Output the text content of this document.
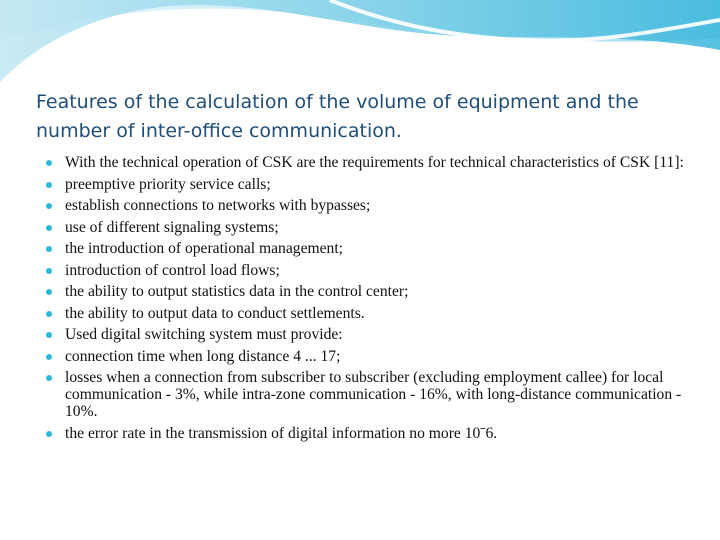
Features of the calculation of the volume of equipment and the number of inter-office communication.
With the technical operation of CSK are the requirements for technical characteristics of CSK [11]:
preemptive priority service calls;
establish connections to networks with bypasses;
use of different signaling systems;
the introduction of operational management;
introduction of control load flows;
the ability to output statistics data in the control center;
the ability to output data to conduct settlements.
Used digital switching system must provide:
connection time when long distance 4 ... 17;
losses when a connection from subscriber to subscriber (excluding employment callee) for local communication - 3%, while intra-zone communication - 16%, with long-distance communication - 10%.
the error rate in the transmission of digital information no more 10ˉ6.
